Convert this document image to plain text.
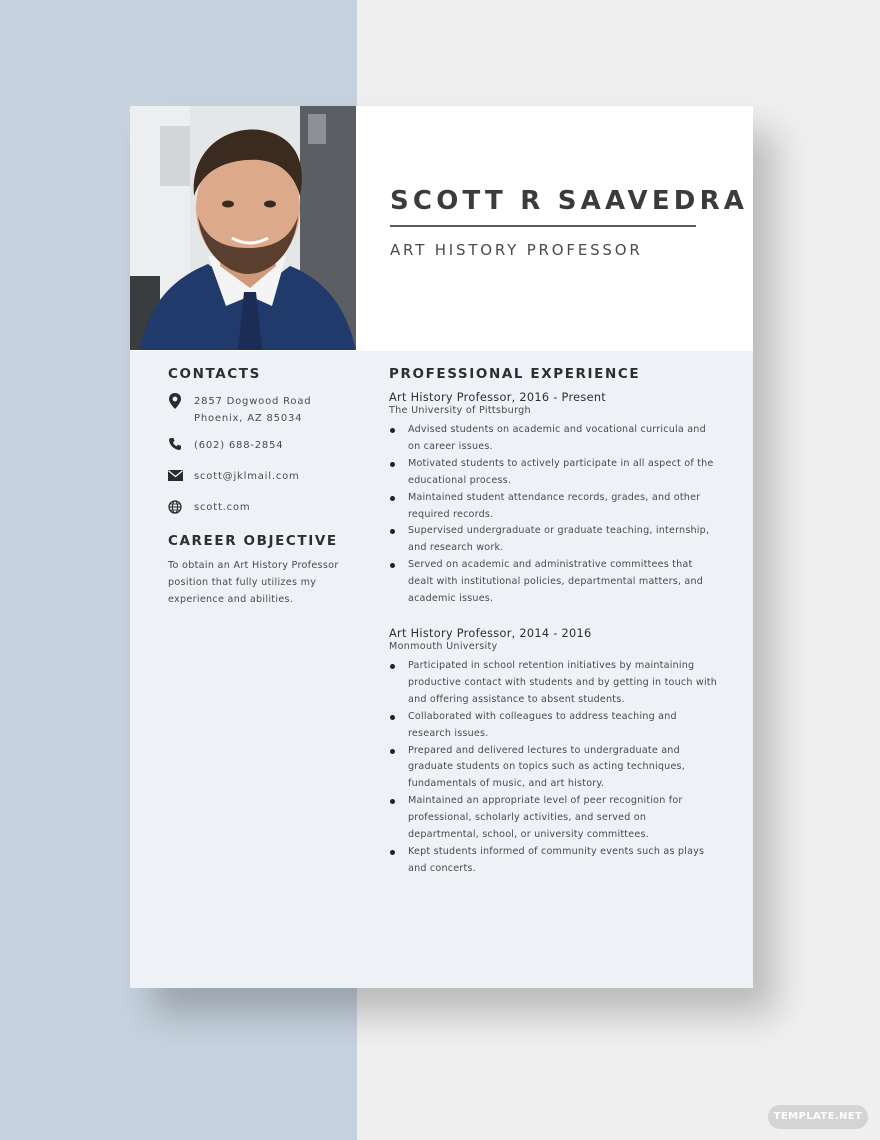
SCOTT R SAAVEDRA
ART HISTORY PROFESSOR
CONTACTS
2857 Dogwood Road
Phoenix, AZ 85034
(602) 688-2854
scott@jklmail.com
scott.com
CAREER OBJECTIVE
To obtain an Art History Professor position that fully utilizes my experience and abilities.
PROFESSIONAL EXPERIENCE
Art History Professor, 2016 - Present
The University of Pittsburgh
Advised students on academic and vocational curricula and on career issues.
Motivated students to actively participate in all aspect of the educational process.
Maintained student attendance records, grades, and other required records.
Supervised undergraduate or graduate teaching, internship, and research work.
Served on academic and administrative committees that dealt with institutional policies, departmental matters, and academic issues.
Art History Professor, 2014 - 2016
Monmouth University
Participated in school retention initiatives by maintaining productive contact with students and by getting in touch with and offering assistance to absent students.
Collaborated with colleagues to address teaching and research issues.
Prepared and delivered lectures to undergraduate and graduate students on topics such as acting techniques, fundamentals of music, and art history.
Maintained an appropriate level of peer recognition for professional, scholarly activities, and served on departmental, school, or university committees.
Kept students informed of community events such as plays and concerts.
TEMPLATE.NET
